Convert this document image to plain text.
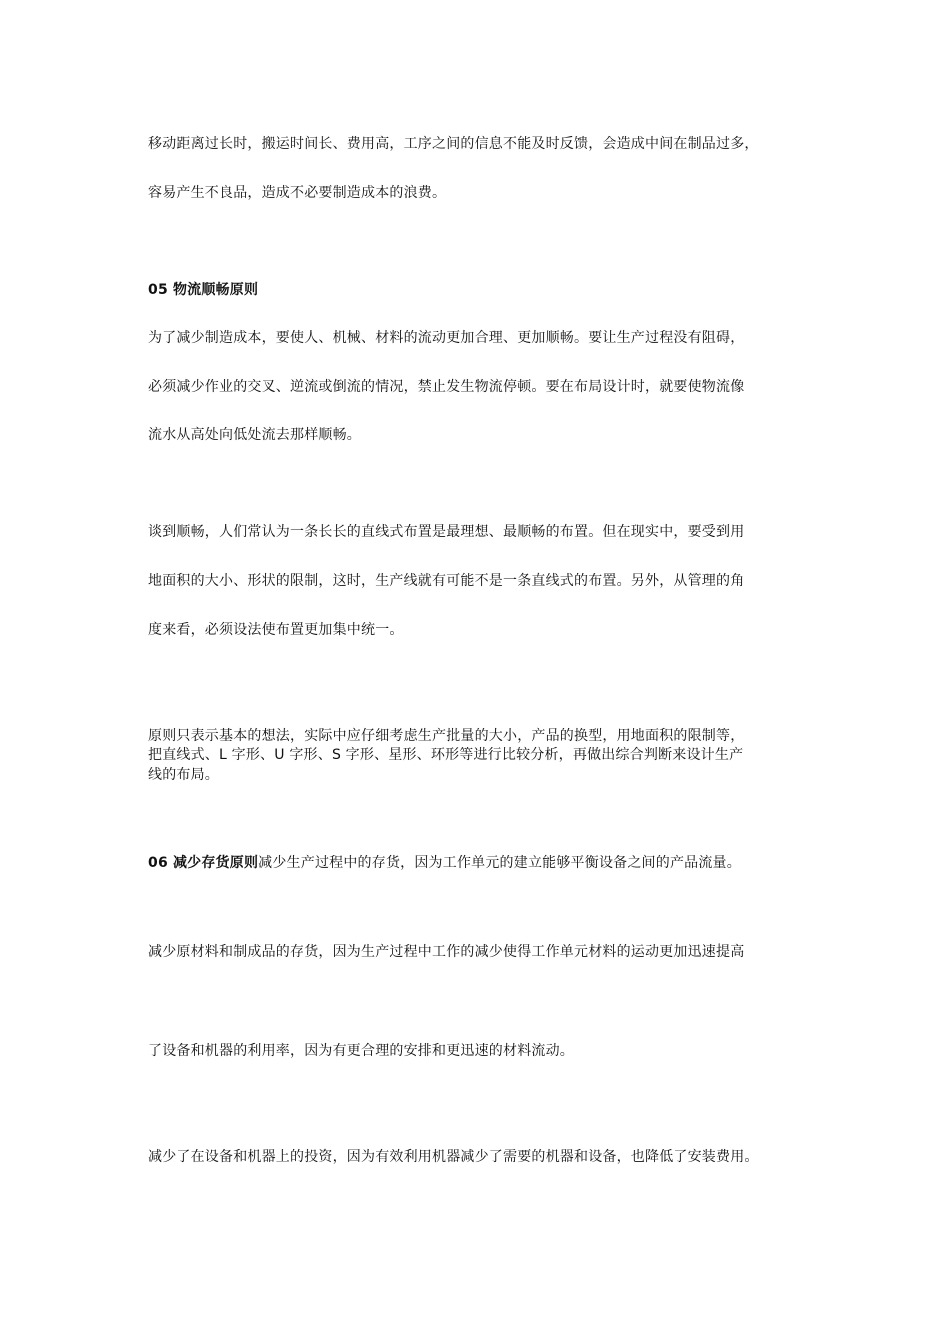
移动距离过长时，搬运时间长、费用高，工序之间的信息不能及时反馈，会造成中间在制品过多，

容易产生不良品，造成不必要制造成本的浪费。

05 物流顺畅原则

为了减少制造成本，要使人、机械、材料的流动更加合理、更加顺畅。要让生产过程没有阻碍，

必须减少作业的交叉、逆流或倒流的情况，禁止发生物流停顿。要在布局设计时，就要使物流像

流水从高处向低处流去那样顺畅。

谈到顺畅，人们常认为一条长长的直线式布置是最理想、最顺畅的布置。但在现实中，要受到用

地面积的大小、形状的限制，这时，生产线就有可能不是一条直线式的布置。另外，从管理的角

度来看，必须设法使布置更加集中统一。

原则只表示基本的想法，实际中应仔细考虑生产批量的大小，产品的换型，用地面积的限制等，

把直线式、L 字形、U 字形、S 字形、星形、环形等进行比较分析，再做出综合判断来设计生产

线的布局。

06 减少存货原则减少生产过程中的存货，因为工作单元的建立能够平衡设备之间的产品流量。

减少原材料和制成品的存货，因为生产过程中工作的减少使得工作单元材料的运动更加迅速提高

了设备和机器的利用率，因为有更合理的安排和更迅速的材料流动。

减少了在设备和机器上的投资，因为有效利用机器减少了需要的机器和设备，也降低了安装费用。
